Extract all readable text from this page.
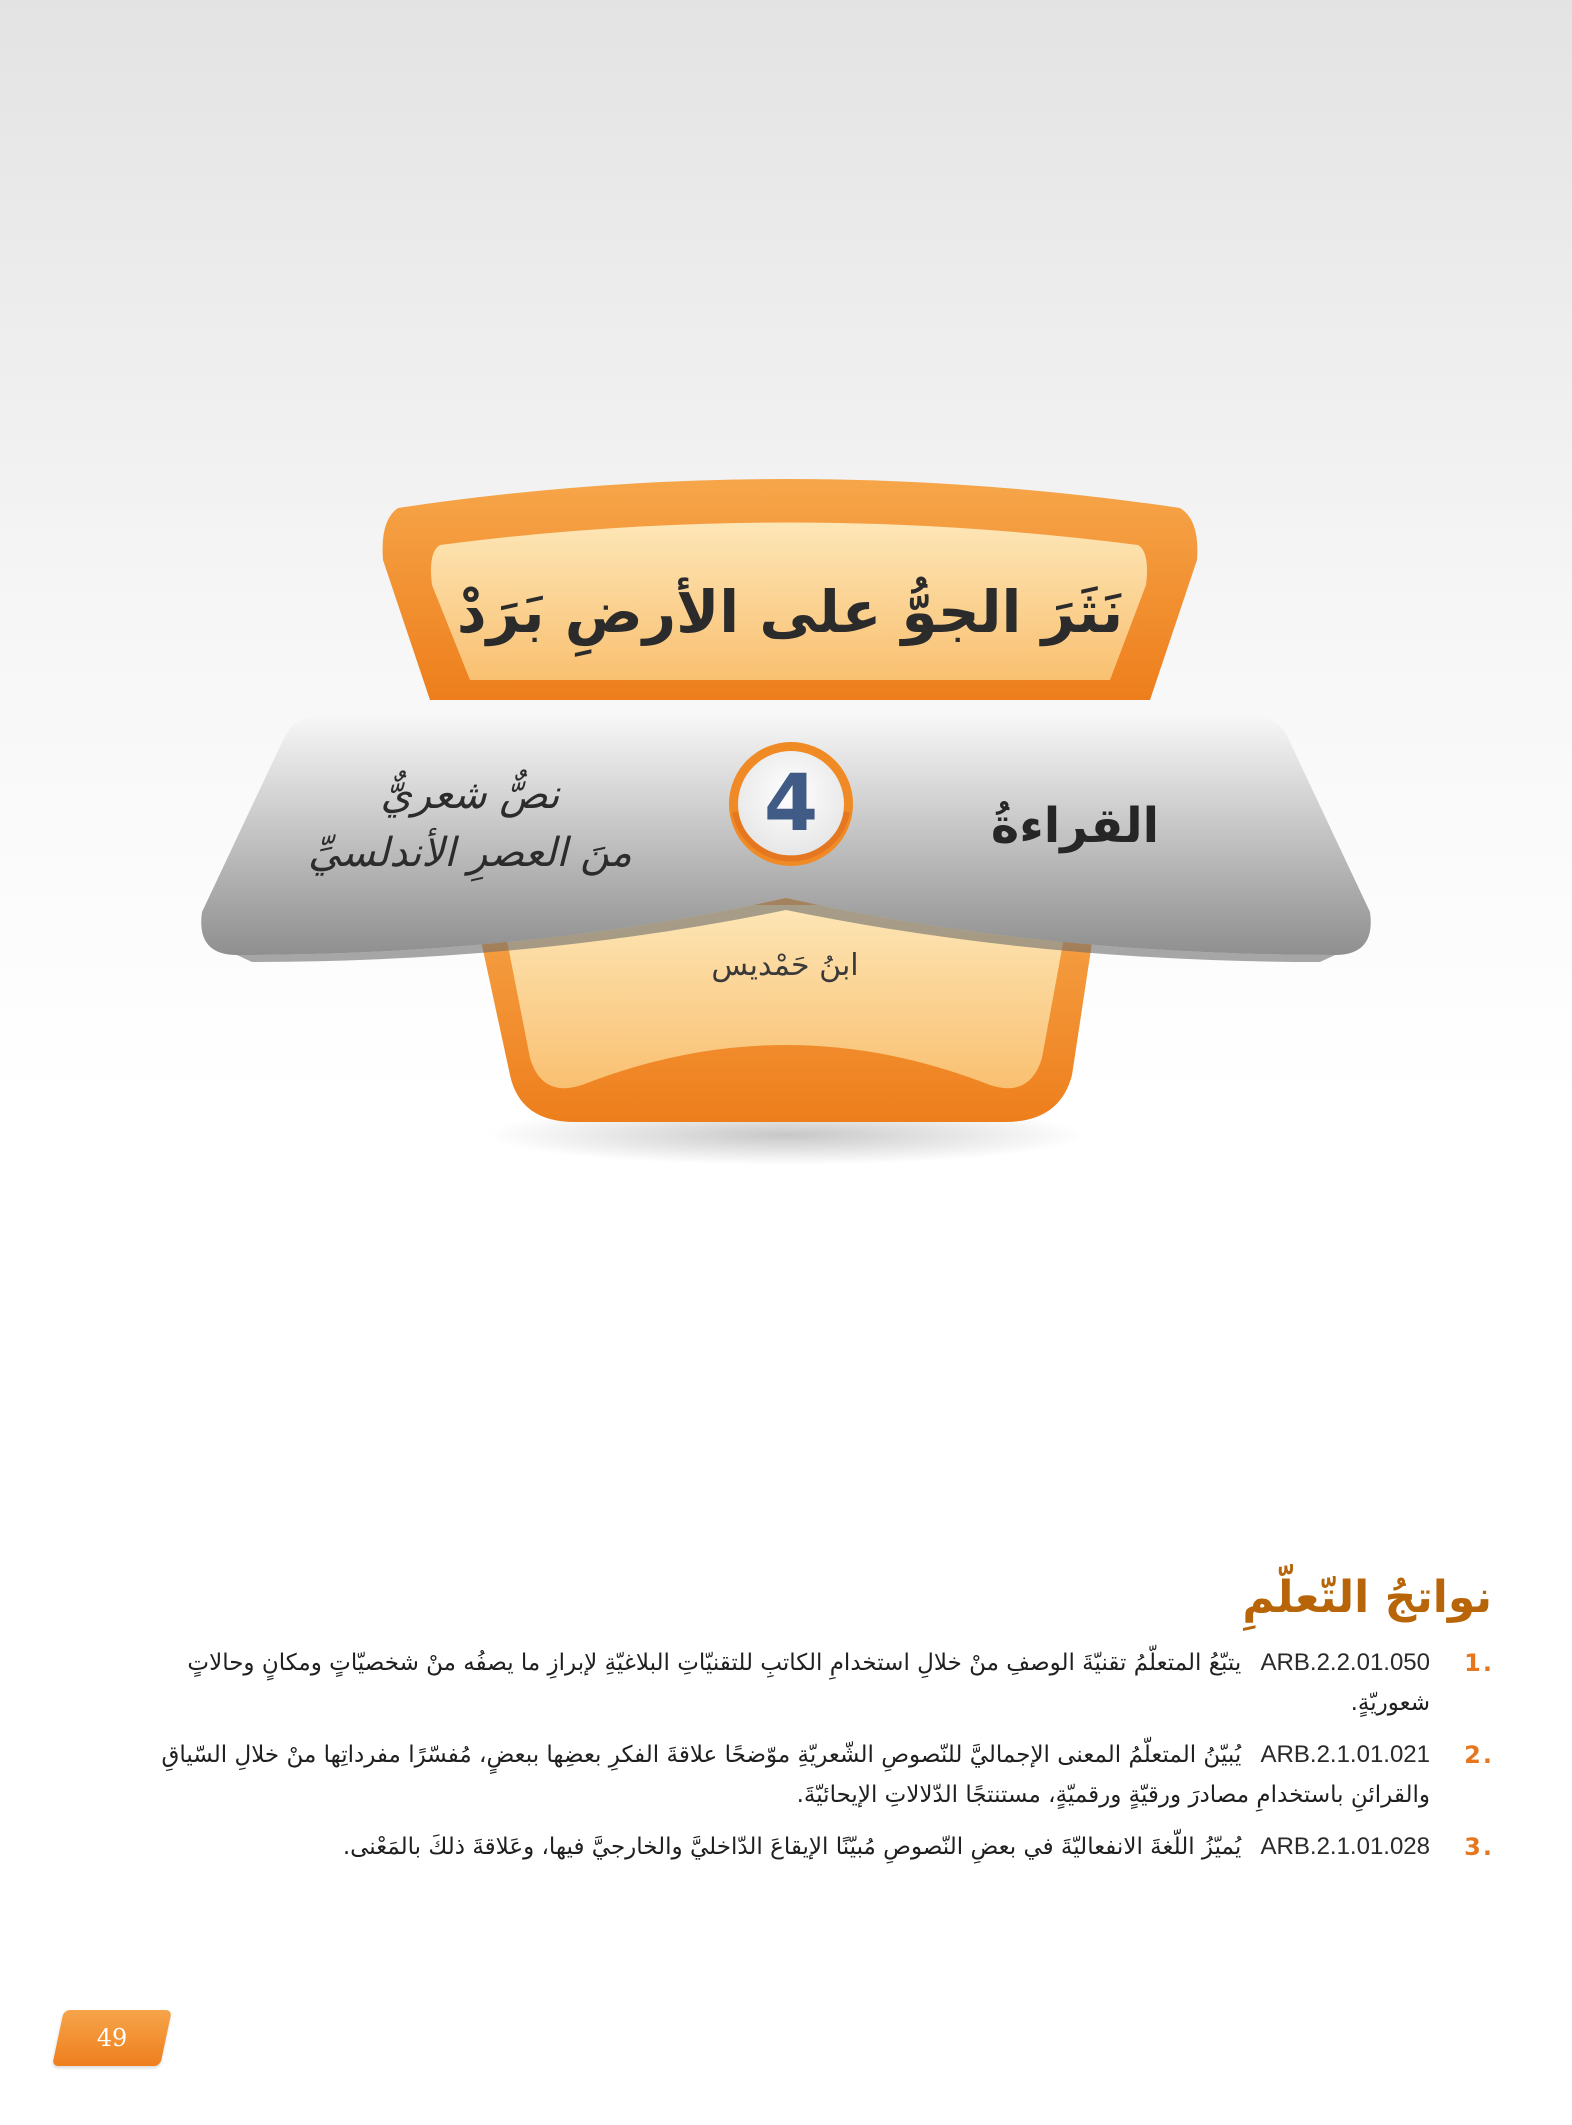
نَثَرَ الجوُّ على الأرضِ بَرَدْ
القراءةُ
4
نصٌّ شعريٌّ
منَ العصرِ الأندلسيِّ
ابنُ حَمْديس
نواتجُ التّعلّمِ
1.
ARB.2.2.01.050 يتبّعُ المتعلّمُ تقنيّةَ الوصفِ منْ خلالِ استخدامِ الكاتبِ للتقنيّاتِ البلاغيّةِ لإبرازِ ما يصفُه منْ شخصيّاتٍ ومكانٍ وحالاتٍ شعوريّةٍ.
2.
ARB.2.1.01.021 يُبيّنُ المتعلّمُ المعنى الإجماليَّ للنّصوصِ الشّعريّةِ موّضحًا علاقةَ الفكرِ بعضِها ببعضٍ، مُفسّرًا مفرداتِها منْ خلالِ السّياقِ والقرائنِ باستخدامِ مصادرَ ورقيّةٍ ورقميّةٍ، مستنتجًا الدّلالاتِ الإيحائيّةَ.
3.
ARB.2.1.01.028 يُميّزُ اللّغةَ الانفعاليّةَ في بعضِ النّصوصِ مُبيّنًا الإيقاعَ الدّاخليَّ والخارجيَّ فيها، وعَلاقةَ ذلكَ بالمَعْنى.
49
